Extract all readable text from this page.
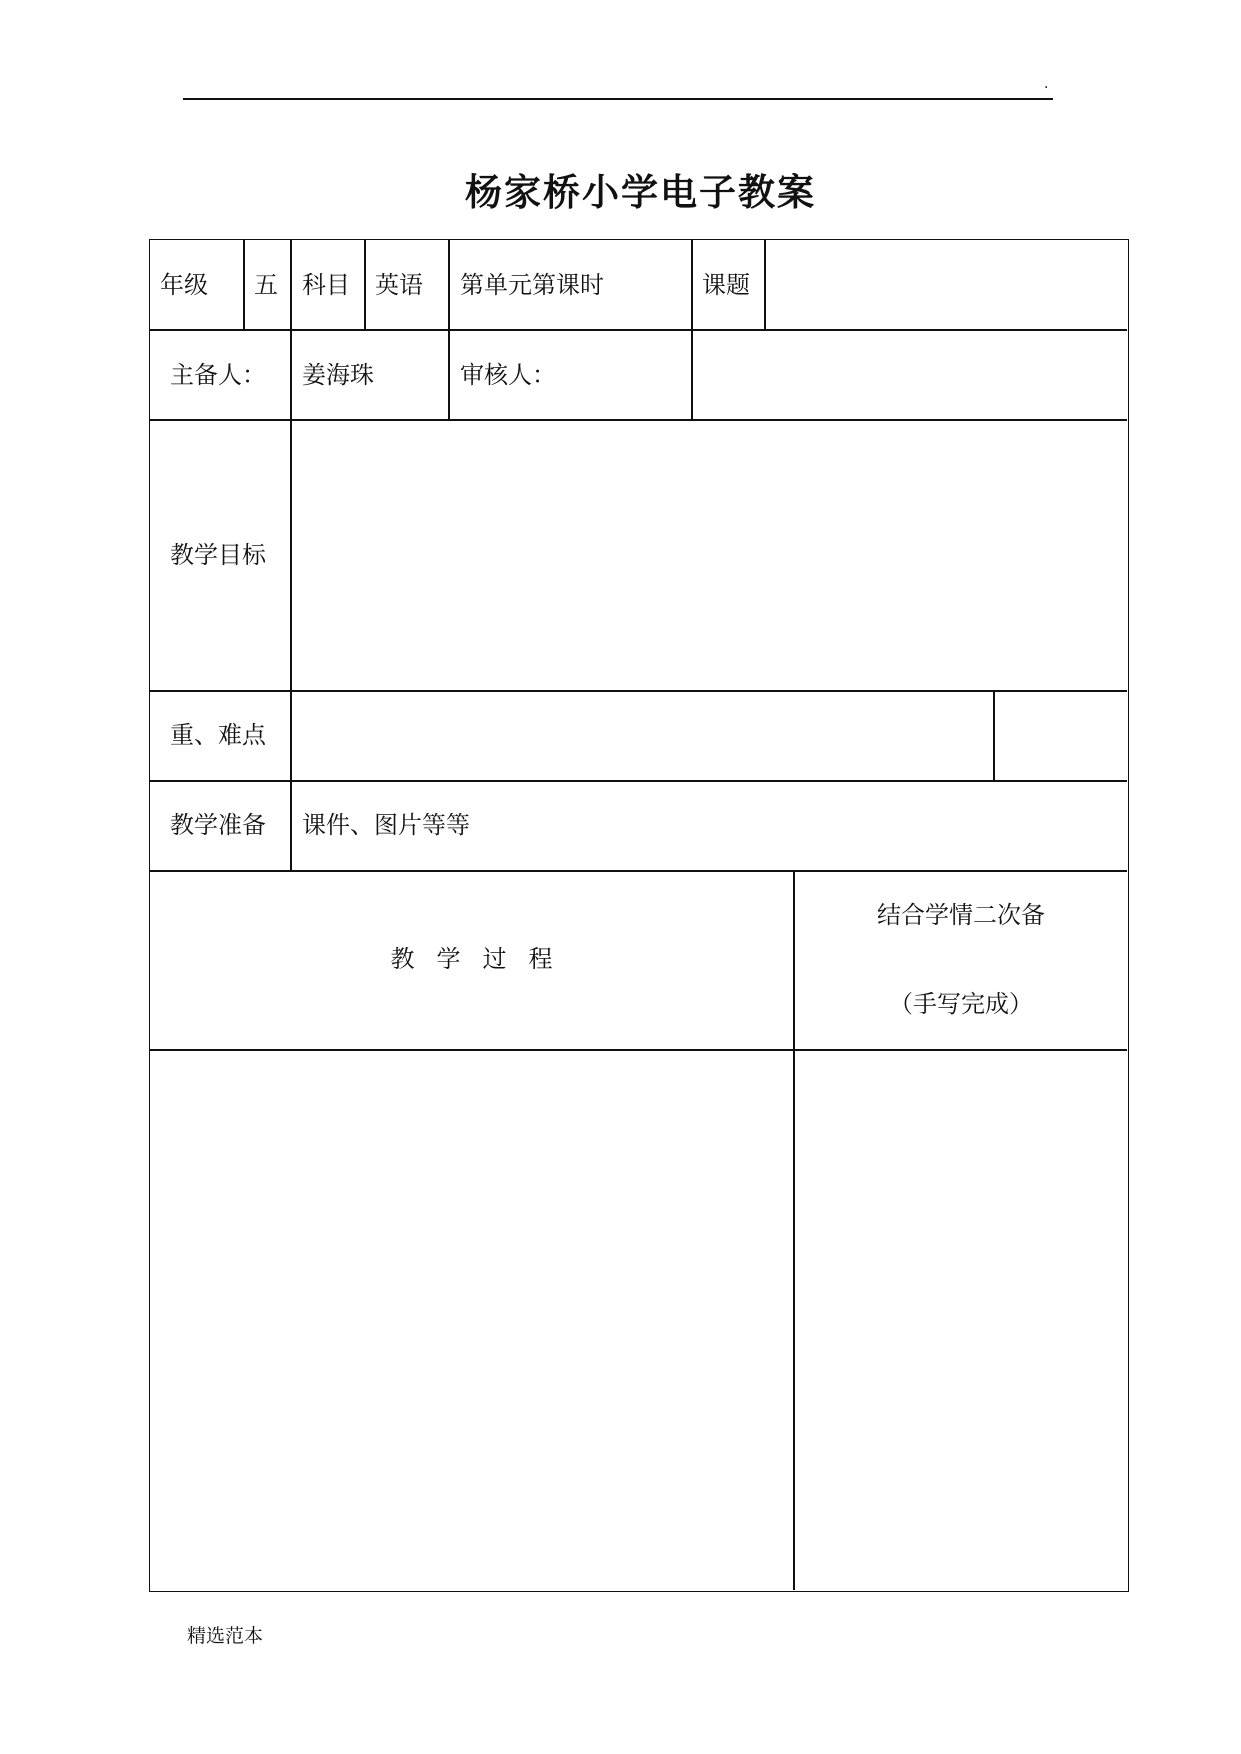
.
杨家桥小学电子教案
年级 五 科目 英语 第单元第课时	课题
主备人： 姜海珠	审核人：
教学目标
重、难点
教学准备 课件、图片等等
教学过程
结合学情二次备
（手写完成）
精选范本
